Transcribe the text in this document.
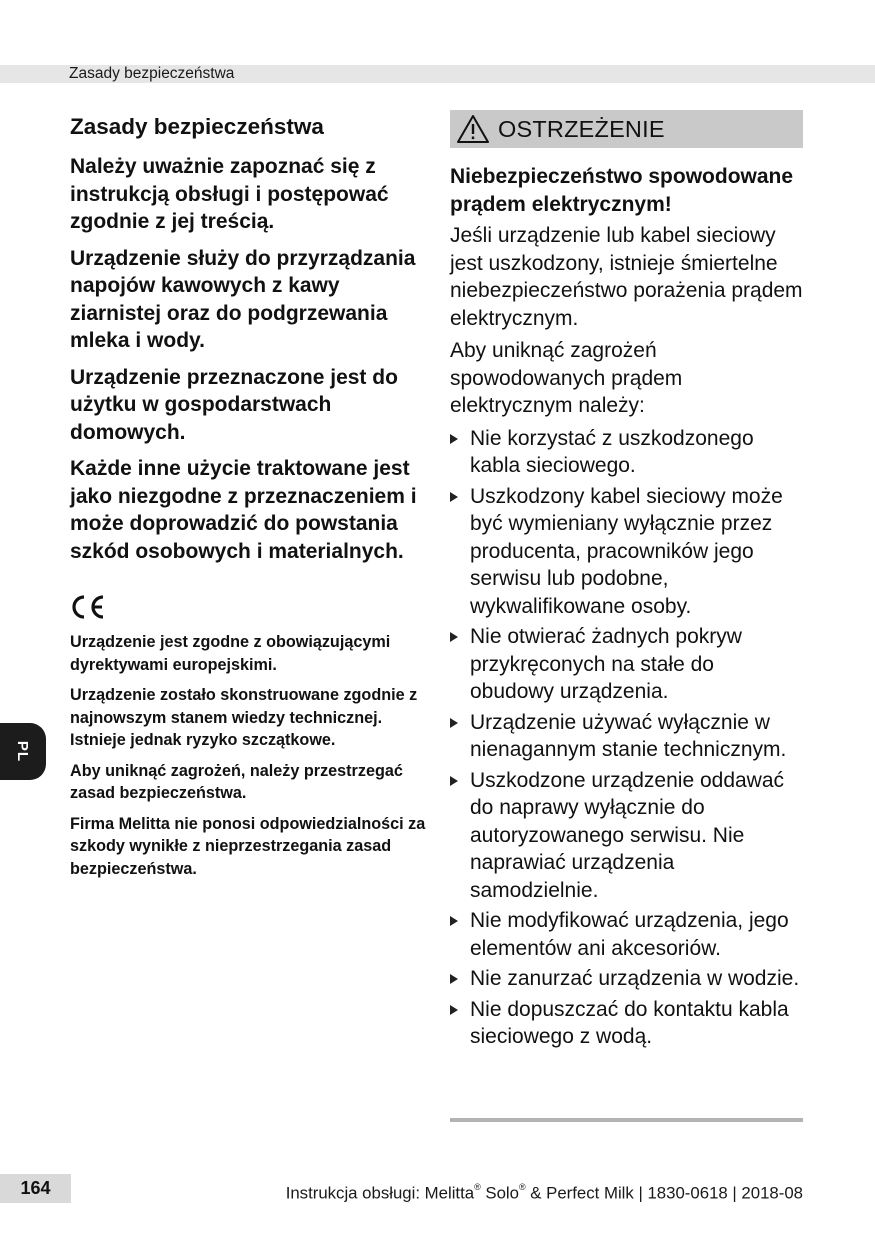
Zasady bezpieczeństwa
Zasady bezpieczeństwa

Należy uważnie zapoznać się z instrukcją obsługi i postępować zgodnie z jej treścią.

Urządzenie służy do przyrządzania napojów kawowych z kawy ziarnistej oraz do podgrzewania mleka i wody.

Urządzenie przeznaczone jest do użytku w gospodarstwach domowych.

Każde inne użycie traktowane jest jako niezgodne z przeznaczeniem i może doprowadzić do powstania szkód osobowych i materialnych.

Urządzenie jest zgodne z obowiązującymi dyrektywami europejskimi.

Urządzenie zostało skonstruowane zgodnie z najnowszym stanem wiedzy technicznej. Istnieje jednak ryzyko szczątkowe.

Aby uniknąć zagrożeń, należy przestrzegać zasad bezpieczeństwa.

Firma Melitta nie ponosi odpowiedzialności za szkody wynikłe z nieprzestrzegania zasad bezpieczeństwa.

OSTRZEŻENIE

Niebezpieczeństwo spowodowane prądem elektrycznym!

Jeśli urządzenie lub kabel sieciowy jest uszkodzony, istnieje śmiertelne niebezpieczeństwo porażenia prądem elektrycznym.

Aby uniknąć zagrożeń spowodowanych prądem elektrycznym należy:

Nie korzystać z uszkodzonego kabla sieciowego.
Uszkodzony kabel sieciowy może być wymieniany wyłącznie przez producenta, pracowników jego serwisu lub podobne, wykwalifikowane osoby.
Nie otwierać żadnych pokryw przykręconych na stałe do obudowy urządzenia.
Urządzenie używać wyłącznie w nienagannym stanie technicznym.
Uszkodzone urządzenie oddawać do naprawy wyłącznie do autoryzowanego serwisu. Nie naprawiać urządzenia samodzielnie.
Nie modyfikować urządzenia, jego elementów ani akcesoriów.
Nie zanurzać urządzenia w wodzie.
Nie dopuszczać do kontaktu kabla sieciowego z wodą.
PL
164	Instrukcja obsługi: Melitta® Solo® & Perfect Milk | 1830-0618 | 2018-08
